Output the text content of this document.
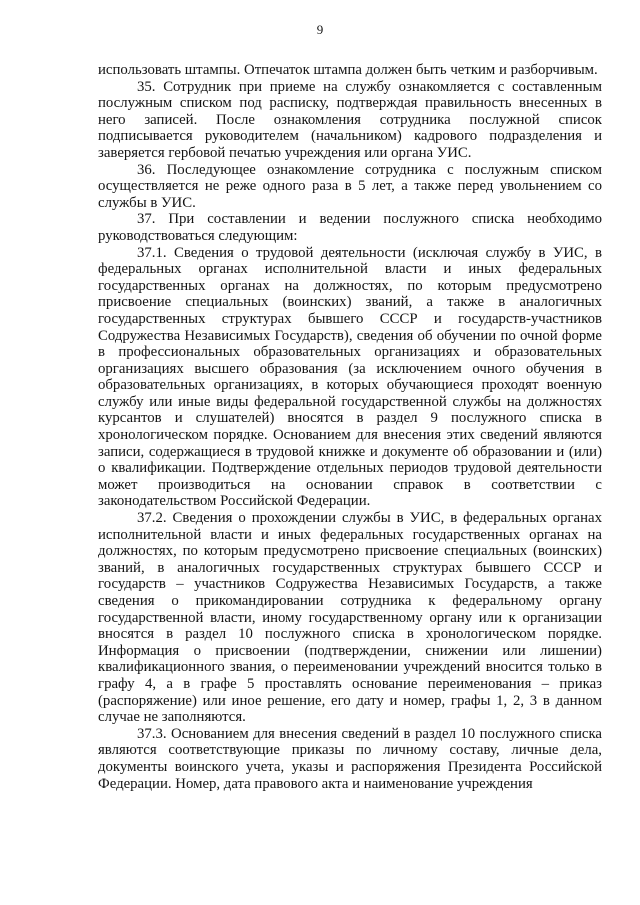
9

использовать штампы. Отпечаток штампа должен быть четким и разборчивым.

35. Сотрудник при приеме на службу ознакомляется с составленным послужным списком под расписку, подтверждая правильность внесенных в него записей. После ознакомления сотрудника послужной список подписывается руководителем (начальником) кадрового подразделения и заверяется гербовой печатью учреждения или органа УИС.

36. Последующее ознакомление сотрудника с послужным списком осуществляется не реже одного раза в 5 лет, а также перед увольнением со службы в УИС.

37. При составлении и ведении послужного списка необходимо руководствоваться следующим:

37.1. Сведения о трудовой деятельности (исключая службу в УИС, в федеральных органах исполнительной власти и иных федеральных государственных органах на должностях, по которым предусмотрено присвоение специальных (воинских) званий, а также в аналогичных государственных структурах бывшего СССР и государств-участников Содружества Независимых Государств), сведения об обучении по очной форме в профессиональных образовательных организациях и образовательных организациях высшего образования (за исключением очного обучения в образовательных организациях, в которых обучающиеся проходят военную службу или иные виды федеральной государственной службы на должностях курсантов и слушателей) вносятся в раздел 9 послужного списка в хронологическом порядке. Основанием для внесения этих сведений являются записи, содержащиеся в трудовой книжке и документе об образовании и (или) о квалификации. Подтверждение отдельных периодов трудовой деятельности может производиться на основании справок в соответствии с законодательством Российской Федерации.

37.2. Сведения о прохождении службы в УИС, в федеральных органах исполнительной власти и иных федеральных государственных органах на должностях, по которым предусмотрено присвоение специальных (воинских) званий, в аналогичных государственных структурах бывшего СССР и государств – участников Содружества Независимых Государств, а также сведения о прикомандировании сотрудника к федеральному органу государственной власти, иному государственному органу или к организации вносятся в раздел 10 послужного списка в хронологическом порядке. Информация о присвоении (подтверждении, снижении или лишении) квалификационного звания, о переименовании учреждений вносится только в графу 4, а в графе 5 проставлять основание переименования – приказ (распоряжение) или иное решение, его дату и номер, графы 1, 2, 3 в данном случае не заполняются.

37.3. Основанием для внесения сведений в раздел 10 послужного списка являются соответствующие приказы по личному составу, личные дела, документы воинского учета, указы и распоряжения Президента Российской Федерации. Номер, дата правового акта и наименование учреждения
